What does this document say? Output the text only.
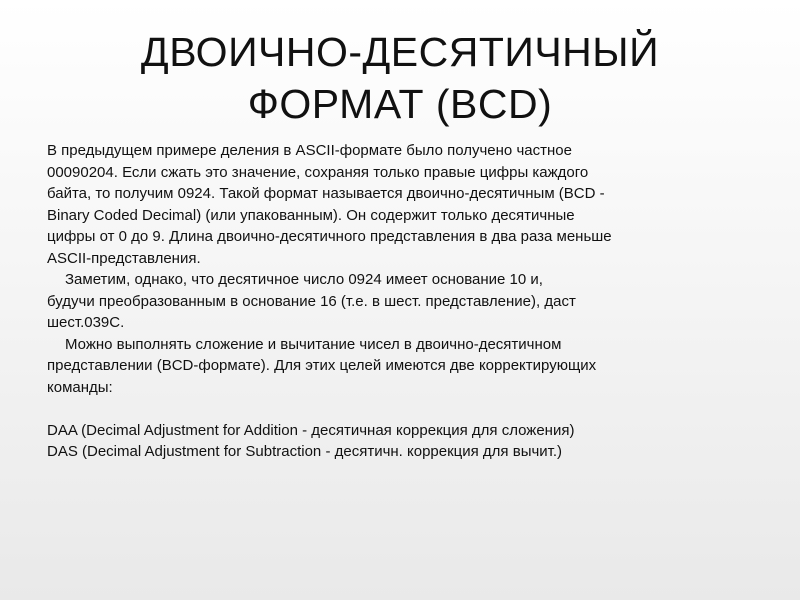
ДВОИЧНО-ДЕСЯТИЧНЫЙ
ФОРМАТ (BCD)
В предыдущем примере деления в ASCII-формате было получено частное
00090204. Если сжать это значение, сохраняя только правые цифры каждого
байта, то получим 0924. Такой формат называется двоично-десятичным (BCD -
Binary Coded Decimal) (или упакованным). Он содержит только десятичные
цифры от 0 до 9. Длина двоично-десятичного представления в два раза меньше
ASCII-представления.
Заметим, однако, что десятичное число 0924 имеет основание 10 и,
будучи преобразованным в основание 16 (т.е. в шест. представление), даст
шест.039C.
Можно выполнять сложение и вычитание чисел в двоично-десятичном
представлении (BCD-формате). Для этих целей имеются две корректирующих
команды:
DAA (Decimal Adjustment for Addition - десятичная коррекция для сложения)
DAS (Decimal Adjustment for Subtraction - десятичн. коррекция для вычит.)
